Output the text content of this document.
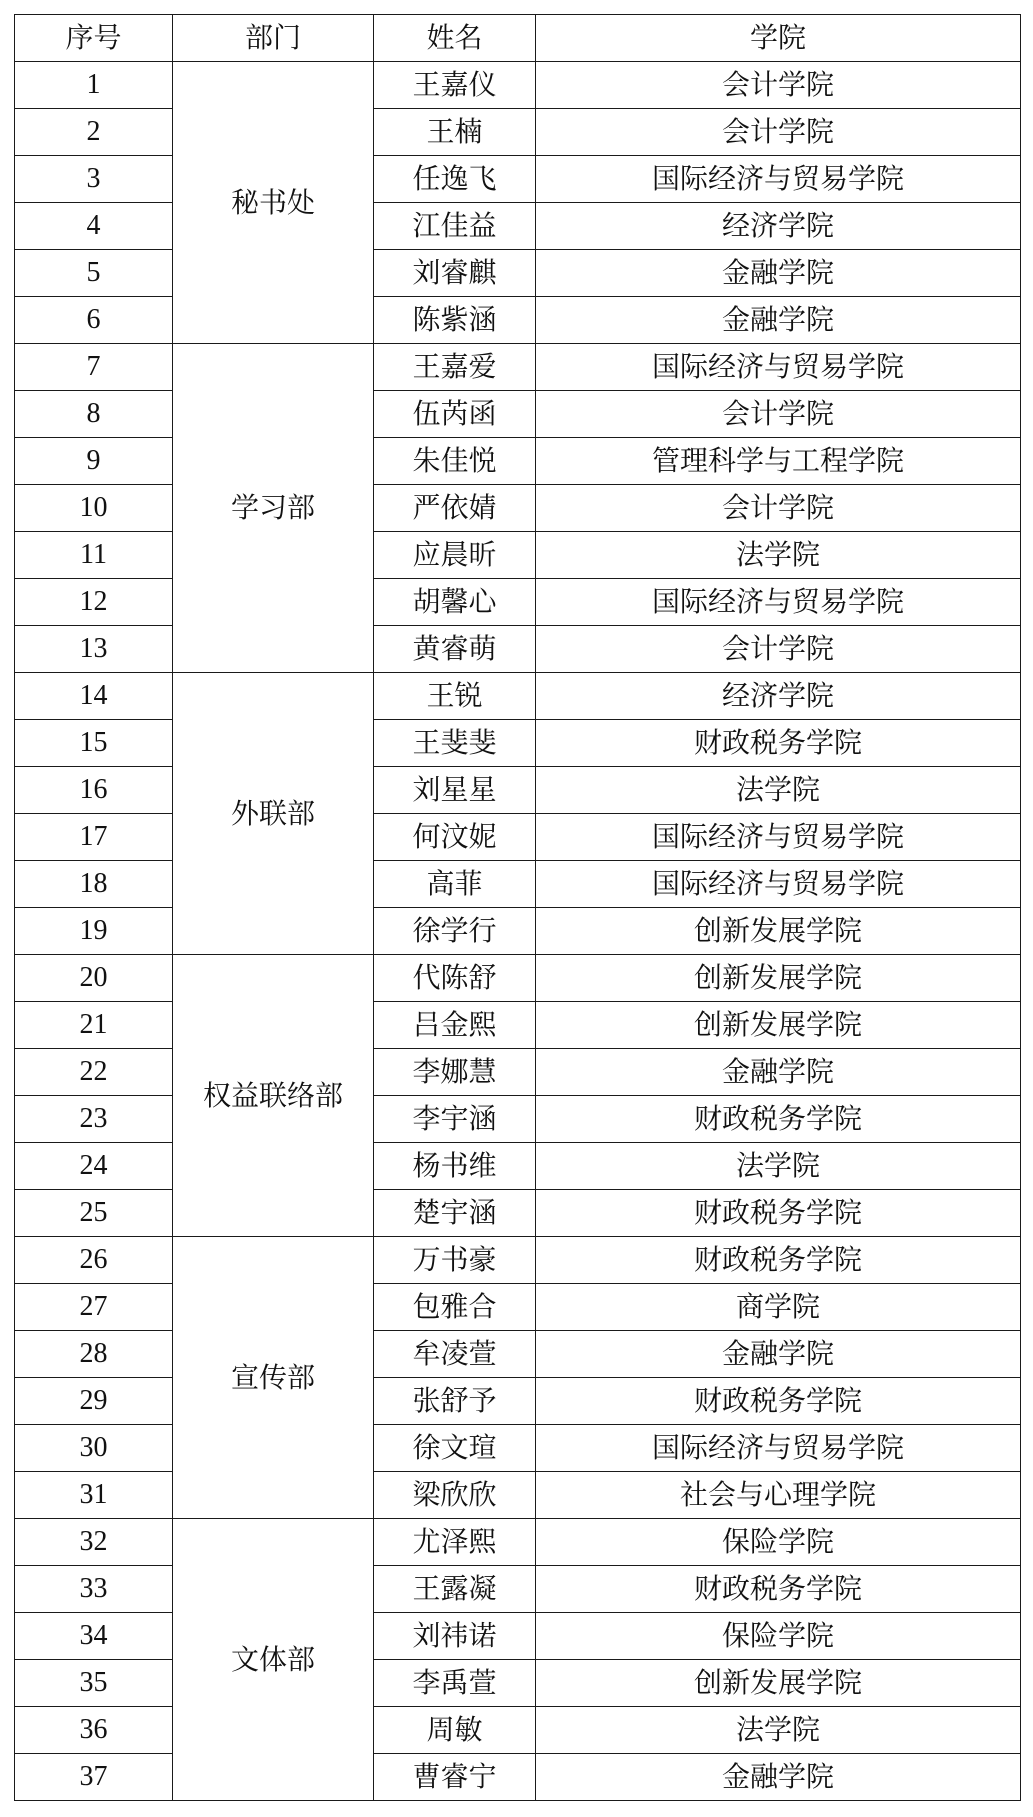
序号	部门	姓名	学院
1	秘书处	王嘉仪	会计学院
2		王楠	会计学院
3		任逸飞	国际经济与贸易学院
4		江佳益	经济学院
5		刘睿麒	金融学院
6		陈紫涵	金融学院
7	学习部	王嘉爱	国际经济与贸易学院
8		伍芮函	会计学院
9		朱佳悦	管理科学与工程学院
10		严依婧	会计学院
11		应晨昕	法学院
12		胡馨心	国际经济与贸易学院
13		黄睿萌	会计学院
14	外联部	王锐	经济学院
15		王斐斐	财政税务学院
16		刘星星	法学院
17		何汶妮	国际经济与贸易学院
18		高菲	国际经济与贸易学院
19		徐学行	创新发展学院
20	权益联络部	代陈舒	创新发展学院
21		吕金熙	创新发展学院
22		李娜慧	金融学院
23		李宇涵	财政税务学院
24		杨书维	法学院
25		楚宇涵	财政税务学院
26	宣传部	万书豪	财政税务学院
27		包雅合	商学院
28		牟凌萱	金融学院
29		张舒予	财政税务学院
30		徐文瑄	国际经济与贸易学院
31		梁欣欣	社会与心理学院
32	文体部	尤泽熙	保险学院
33		王露凝	财政税务学院
34		刘祎诺	保险学院
35		李禹萱	创新发展学院
36		周敏	法学院
37		曹睿宁	金融学院
